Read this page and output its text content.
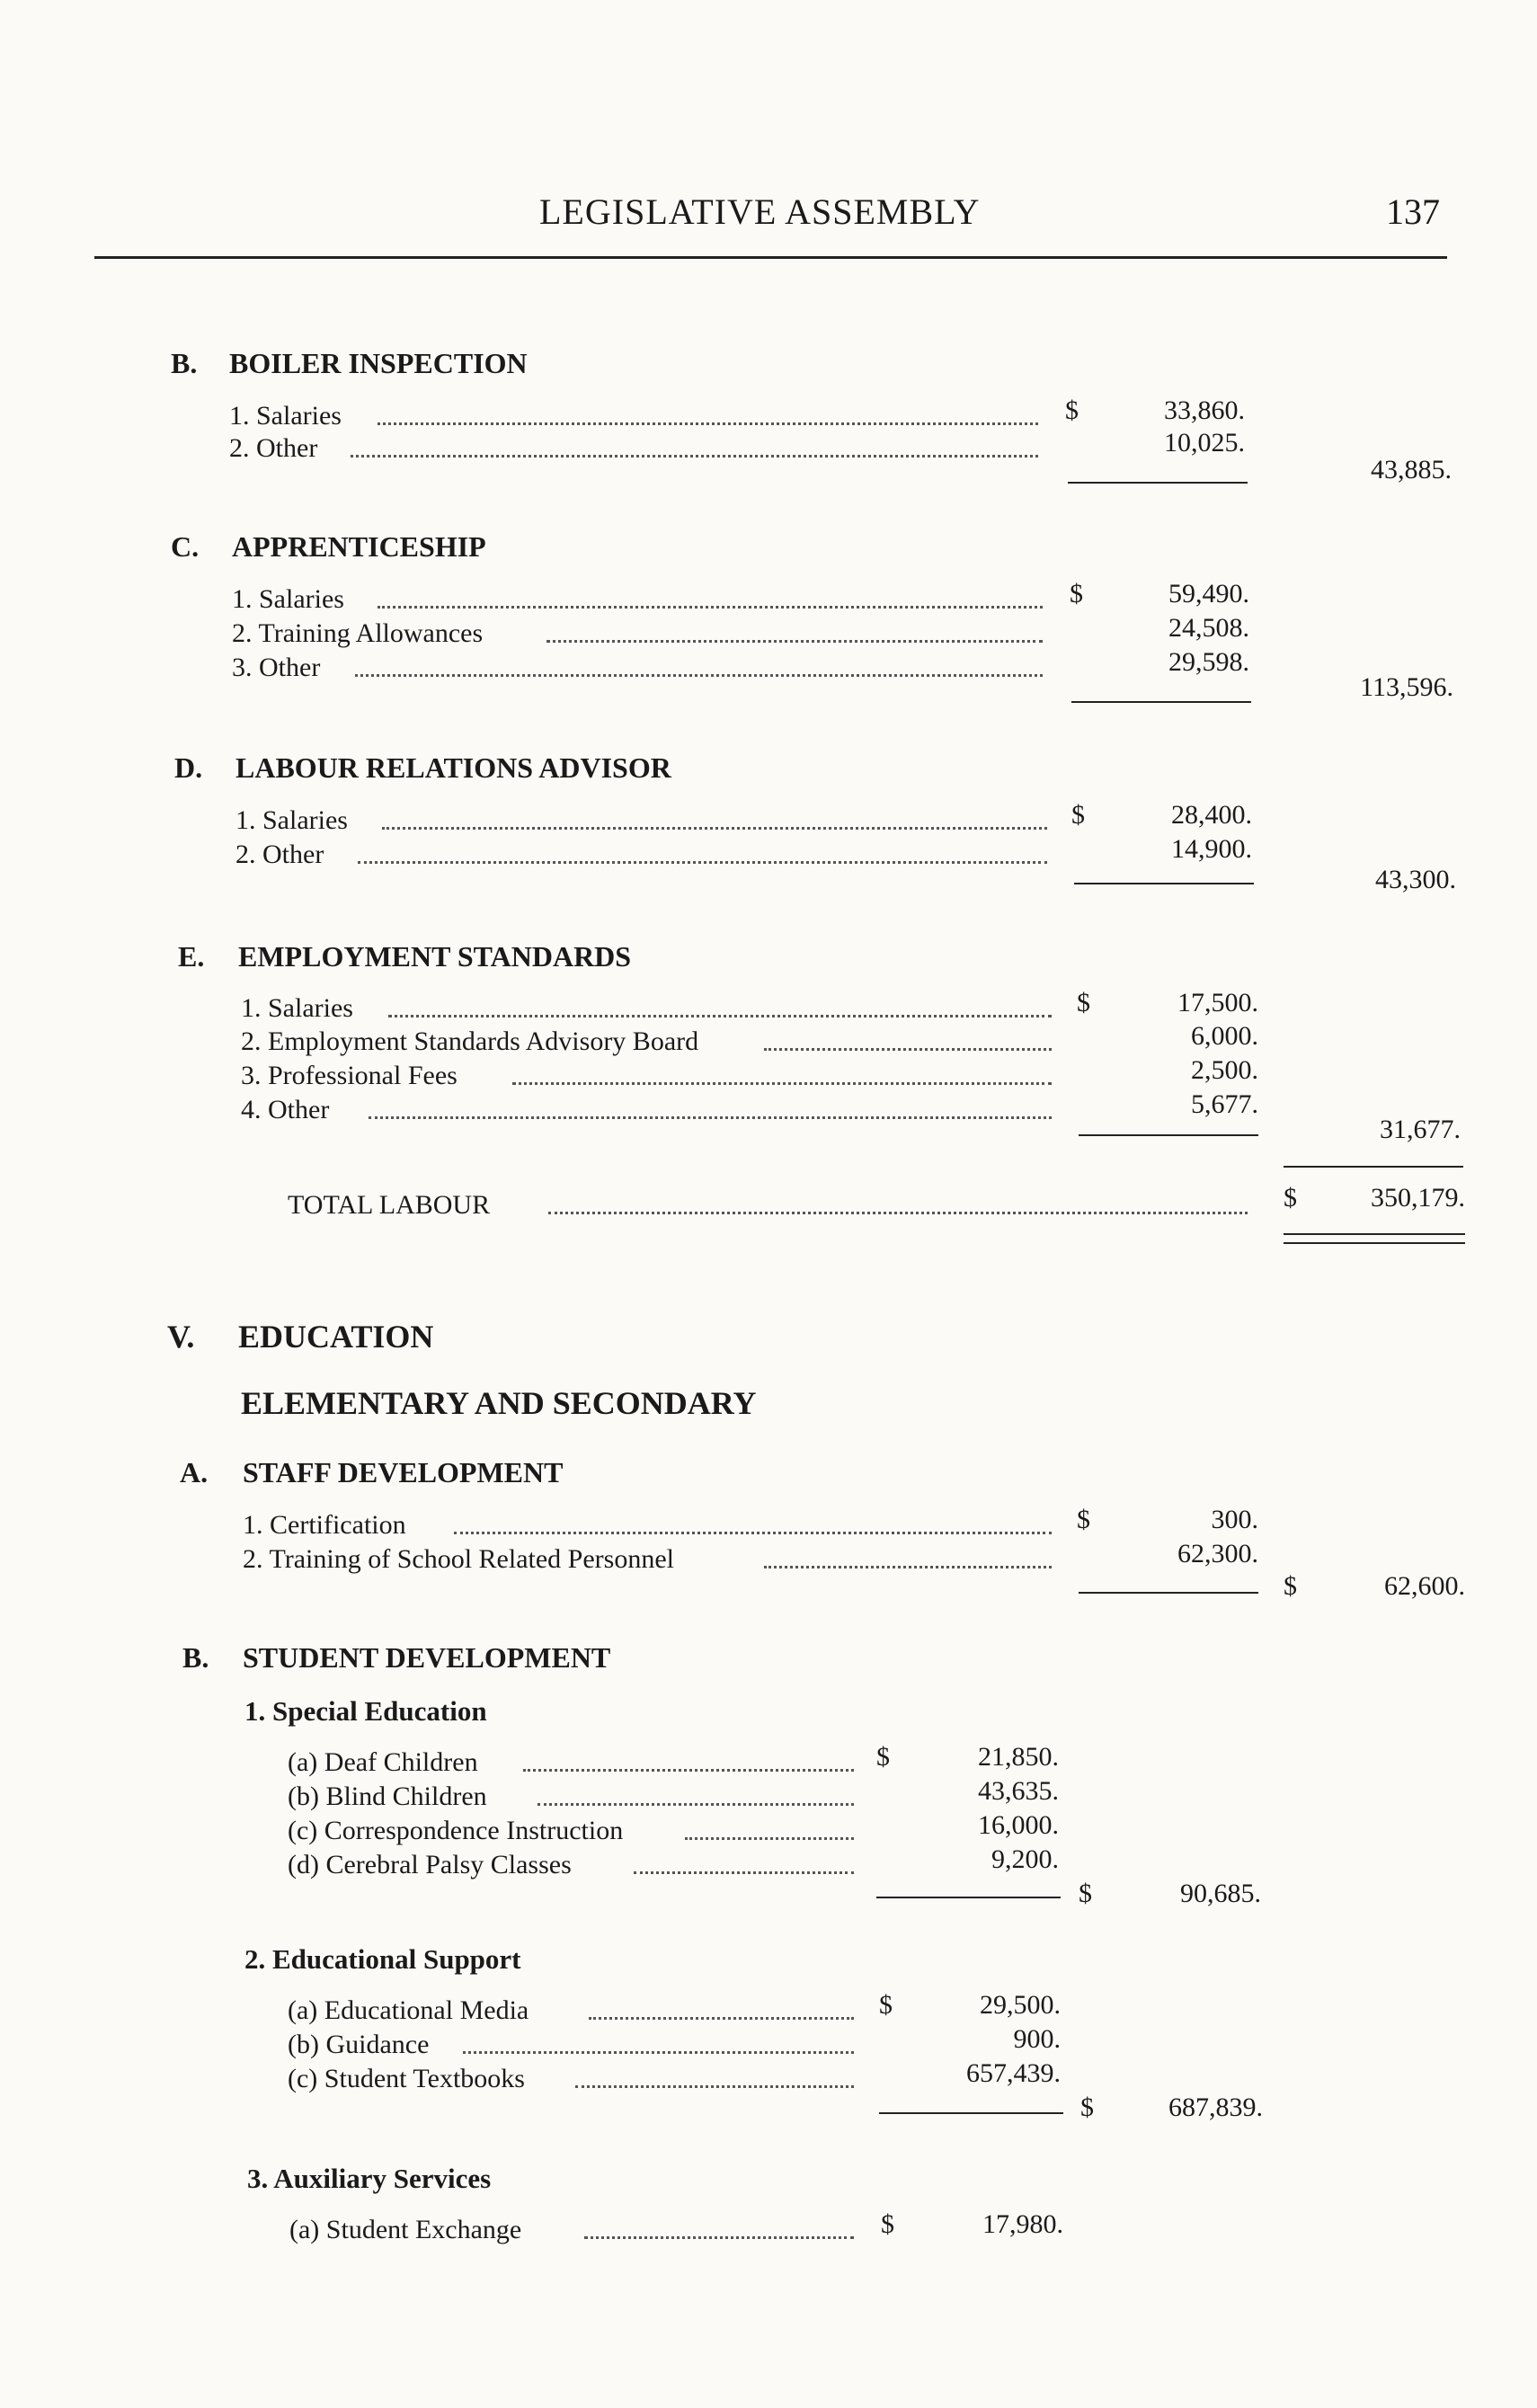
LEGISLATIVE ASSEMBLY	137
B. BOILER INSPECTION
1. Salaries	$	33,860.
2. Other	10,025.
43,885.
C. APPRENTICESHIP
1. Salaries	$	59,490.
2. Training Allowances	24,508.
3. Other	29,598.
113,596.
D. LABOUR RELATIONS ADVISOR
1. Salaries	$	28,400.
2. Other	14,900.
43,300.
E. EMPLOYMENT STANDARDS
1. Salaries	$	17,500.
2. Employment Standards Advisory Board	6,000.
3. Professional Fees	2,500.
4. Other	5,677.
31,677.
TOTAL LABOUR	$	350,179.
V. EDUCATION
ELEMENTARY AND SECONDARY
A. STAFF DEVELOPMENT
1. Certification	$	300.
2. Training of School Related Personnel	62,300.
$	62,600.
B. STUDENT DEVELOPMENT
1. Special Education
(a) Deaf Children	$	21,850.
(b) Blind Children	43,635.
(c) Correspondence Instruction	16,000.
(d) Cerebral Palsy Classes	9,200.
$	90,685.
2. Educational Support
(a) Educational Media	$	29,500.
(b) Guidance	900.
(c) Student Textbooks	657,439.
$	687,839.
3. Auxiliary Services
(a) Student Exchange	$	17,980.
